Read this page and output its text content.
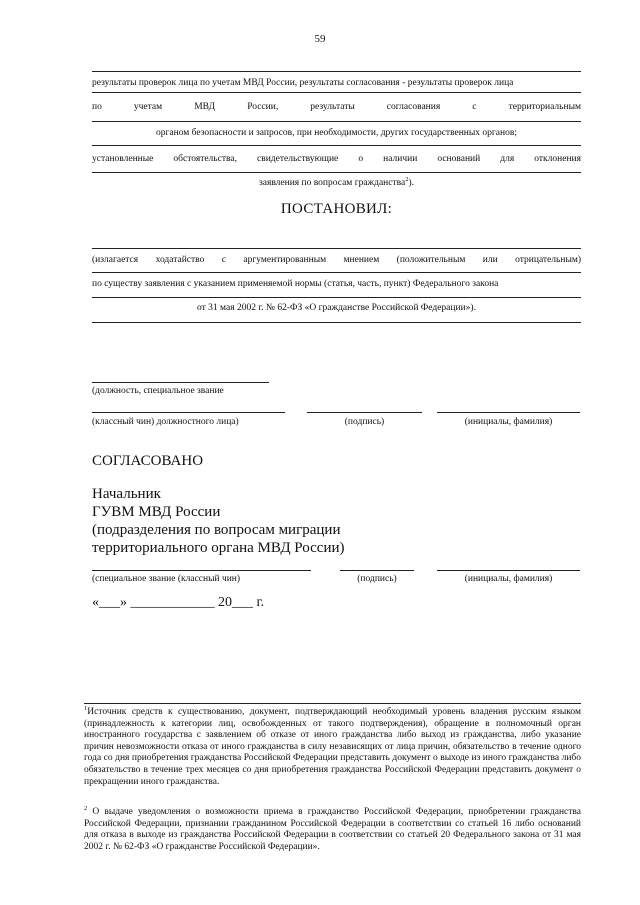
59
результаты проверок лица по учетам МВД России, результаты согласования - результаты проверок лица
по учетам МВД России, результаты согласования с территориальным
органом безопасности и запросов, при необходимости, других государственных органов;
установленные обстоятельства, свидетельствующие о наличии оснований для отклонения
заявления по вопросам гражданства$^2$).
ПОСТАНОВИЛ:
(излагается ходатайство с аргументированным мнением (положительным или отрицательным)
по существу заявления с указанием применяемой нормы (статья, часть, пункт) Федерального закона
от 31 мая 2002 г. № 62-ФЗ «О гражданстве Российской Федерации»).
(должность, специальное звание
(классный чин) должностного лица)	(подпись)	(инициалы, фамилия)
СОГЛАСОВАНО
Начальник
ГУВМ МВД России
(подразделения по вопросам миграции
территориального органа МВД России)
(специальное звание (классный чин)	(подпись)	(инициалы, фамилия)
«___» ____________ 20___ г.
$^1$Источник средств к существованию, документ, подтверждающий необходимый уровень владения русским языком (принадлежность к категории лиц, освобожденных от такого подтверждения), обращение в полномочный орган иностранного государства с заявлением об отказе от иного гражданства либо выход из гражданства, либо указание причин невозможности отказа от иного гражданства в силу независящих от лица причин, обязательство в течение одного года со дня приобретения гражданства Российской Федерации представить документ о выходе из иного гражданства либо обязательство в течение трех месяцев со дня приобретения гражданства Российской Федерации представить документ о прекращении иного гражданства.
$^2$ О выдаче уведомления о возможности приема в гражданство Российской Федерации, приобретении гражданства Российской Федерации, признании гражданином Российской Федерации в соответствии со статьей 16 либо оснований для отказа в выходе из гражданства Российской Федерации в соответствии со статьей 20 Федерального закона от 31 мая 2002 г. № 62-ФЗ «О гражданстве Российской Федерации».
